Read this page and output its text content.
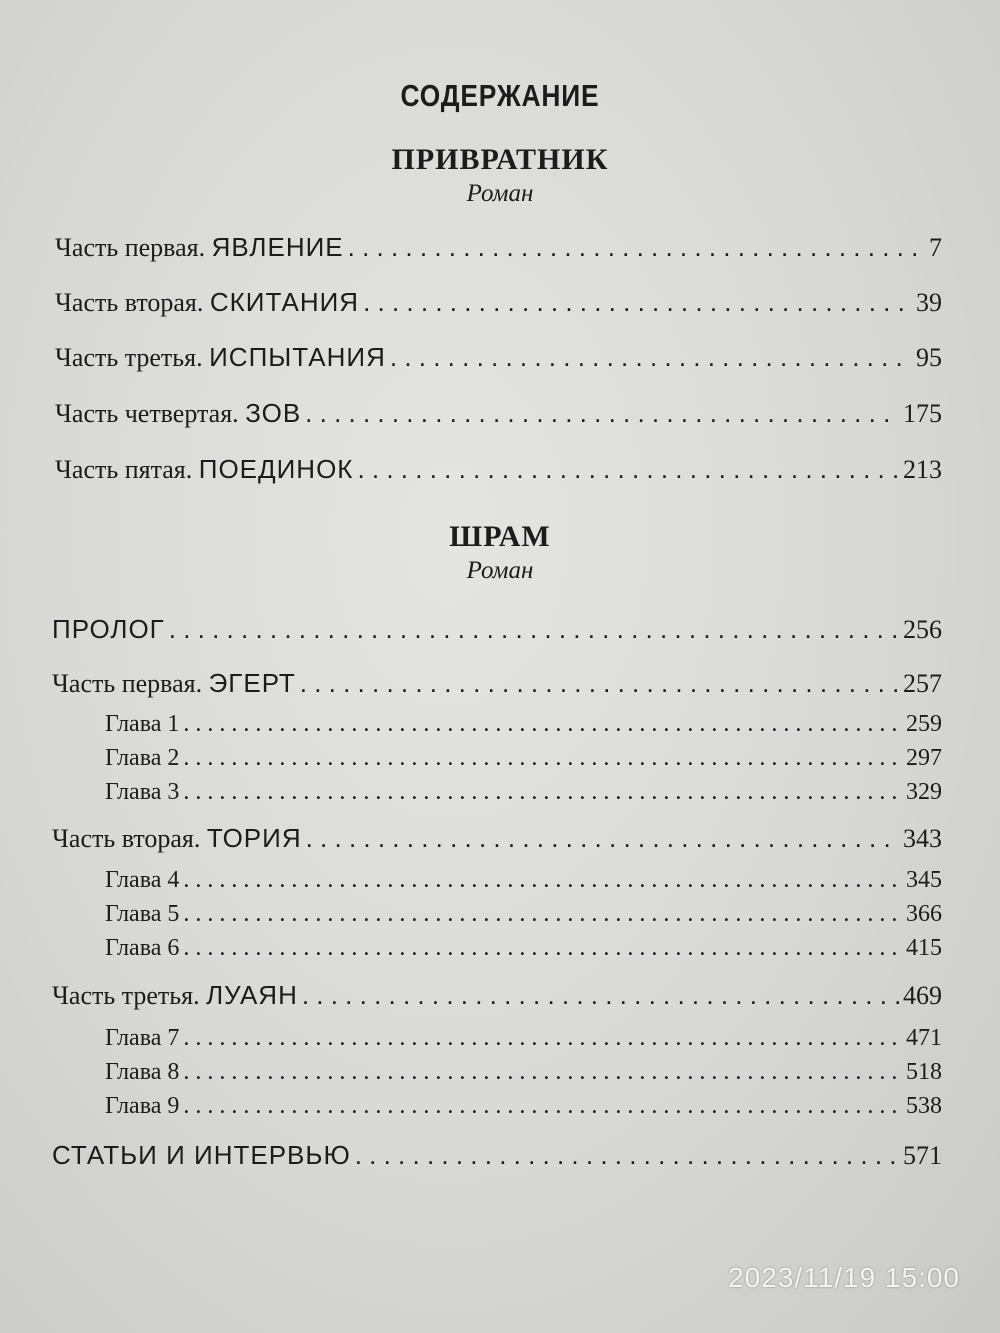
СОДЕРЖАНИЕ
ПРИВРАТНИК
Роман
Часть первая. ЯВЛЕНИЕ . . .	7
Часть вторая. СКИТАНИЯ . . .	39
Часть третья. ИСПЫТАНИЯ . . .	95
Часть четвертая. ЗОВ . . .	175
Часть пятая. ПОЕДИНОК . . .	213
ШРАМ
Роман
ПРОЛОГ . . .	256
Часть первая. ЭГЕРТ . . .	257
Глава 1 . . .	259
Глава 2 . . .	297
Глава 3 . . .	329
Часть вторая. ТОРИЯ . . .	343
Глава 4 . . .	345
Глава 5 . . .	366
Глава 6 . . .	415
Часть третья. ЛУАЯН . . .	469
Глава 7 . . .	471
Глава 8 . . .	518
Глава 9 . . .	538
СТАТЬИ И ИНТЕРВЬЮ . . .	571
2023/11/19 15:00
